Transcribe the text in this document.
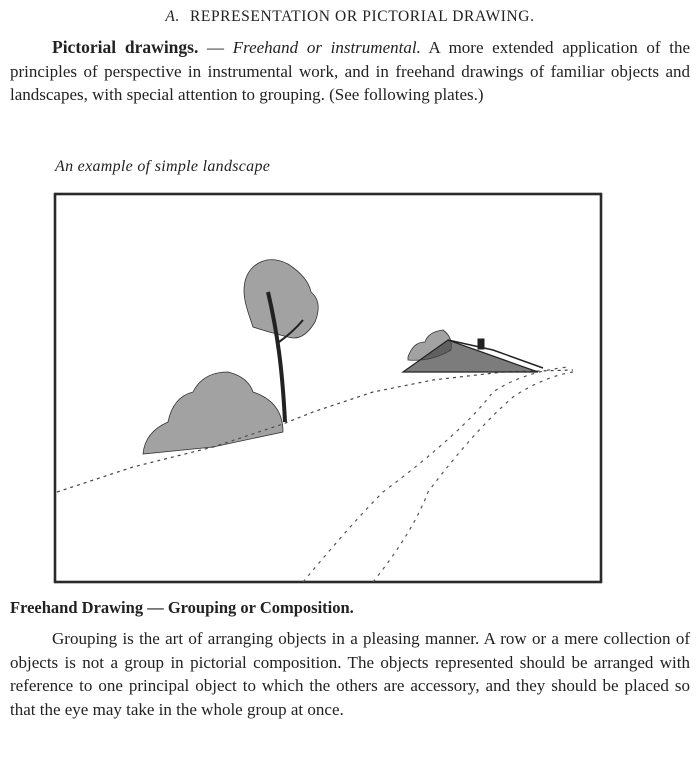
A. REPRESENTATION OR PICTORIAL DRAWING.
Pictorial drawings. — Freehand or instrumental. A more extended application of the principles of perspective in instrumental work, and in freehand drawings of familiar objects and landscapes, with special attention to grouping. (See following plates.)
An example of simple landscape
Freehand Drawing — Grouping or Composition.
Grouping is the art of arranging objects in a pleasing manner. A row or a mere collection of objects is not a group in pictorial composition. The objects represented should be arranged with reference to one principal object to which the others are accessory, and they should be placed so that the eye may take in the whole group at once.
